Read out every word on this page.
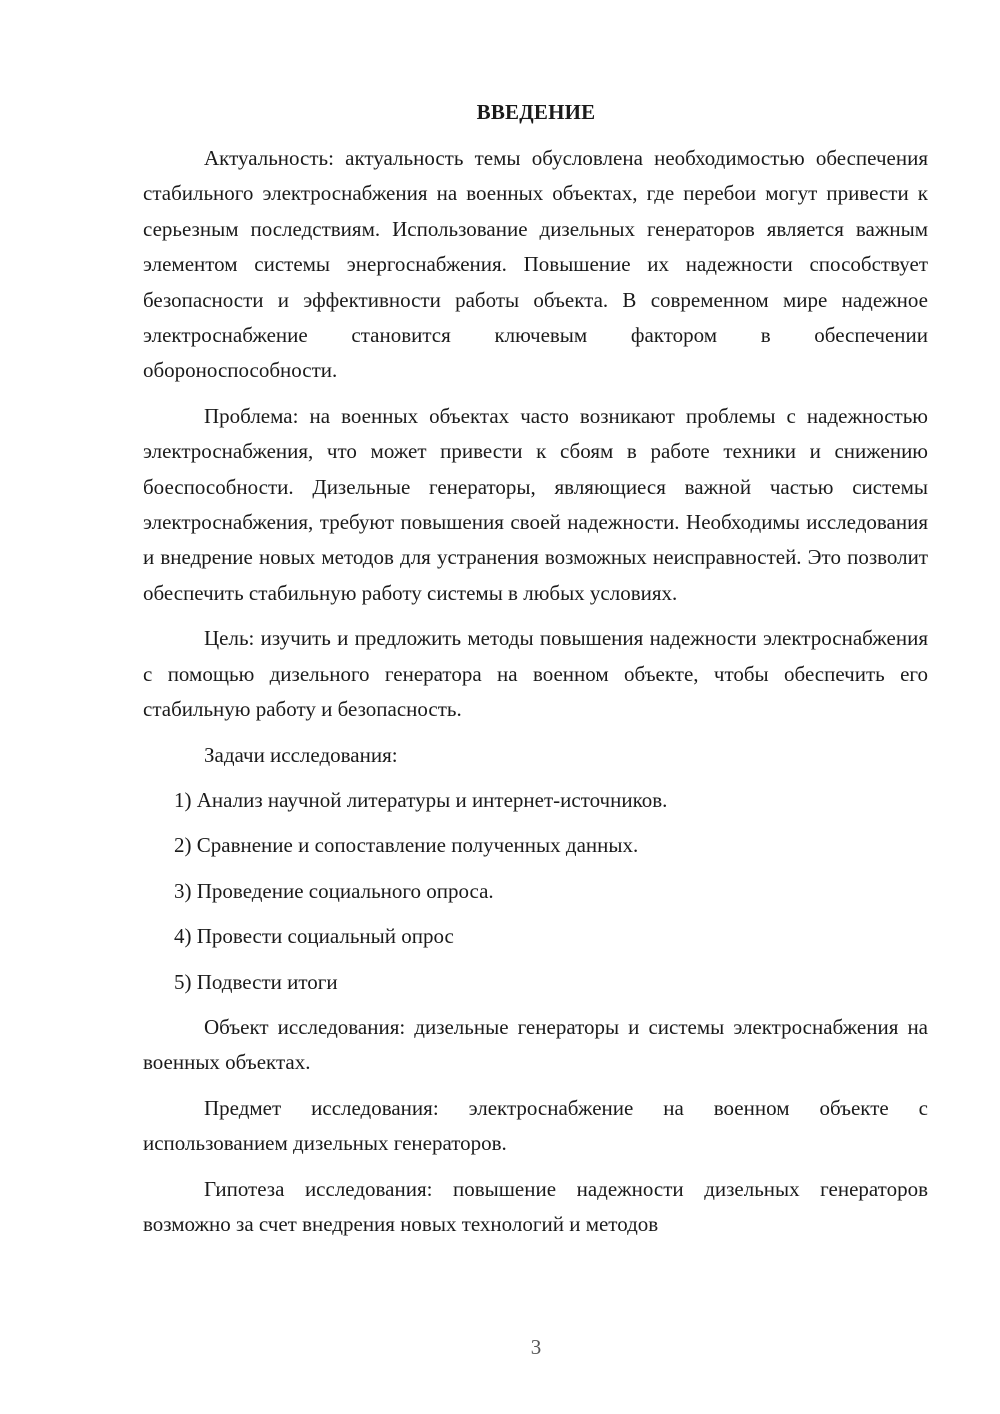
ВВЕДЕНИЕ

Актуальность: актуальность темы обусловлена необходимостью обеспечения стабильного электроснабжения на военных объектах, где перебои могут привести к серьезным последствиям. Использование дизельных генераторов является важным элементом системы энергоснабжения. Повышение их надежности способствует безопасности и эффективности работы объекта. В современном мире надежное электроснабжение становится ключевым фактором в обеспечении обороноспособности.

Проблема: на военных объектах часто возникают проблемы с надежностью электроснабжения, что может привести к сбоям в работе техники и снижению боеспособности. Дизельные генераторы, являющиеся важной частью системы электроснабжения, требуют повышения своей надежности. Необходимы исследования и внедрение новых методов для устранения возможных неисправностей. Это позволит обеспечить стабильную работу системы в любых условиях.

Цель: изучить и предложить методы повышения надежности электроснабжения с помощью дизельного генератора на военном объекте, чтобы обеспечить его стабильную работу и безопасность.

Задачи исследования:

1) Анализ научной литературы и интернет-источников.

2) Сравнение и сопоставление полученных данных.

3) Проведение социального опроса.

4) Провести социальный опрос

5) Подвести итоги

Объект исследования: дизельные генераторы и системы электроснабжения на военных объектах.

Предмет исследования: электроснабжение на военном объекте с использованием дизельных генераторов.

Гипотеза исследования: повышение надежности дизельных генераторов возможно за счет внедрения новых технологий и методов

3
